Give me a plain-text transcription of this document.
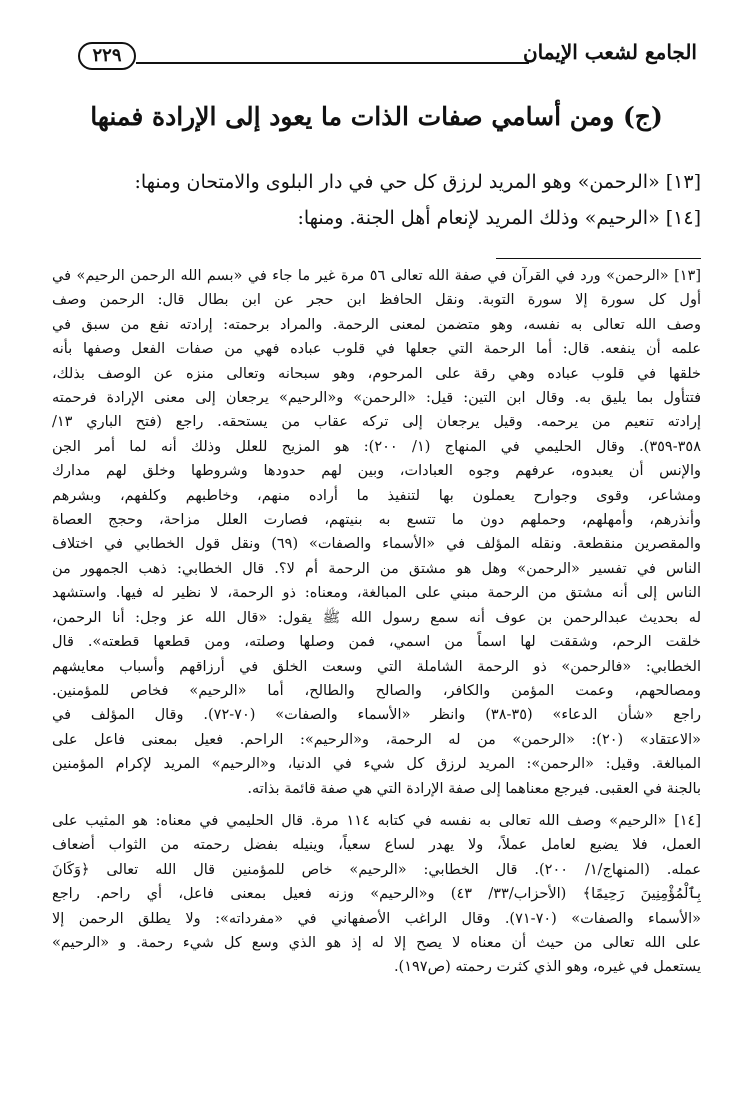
الجامع لشعب الإيمان
٢٢٩
(ج) ومن أسامي صفات الذات ما يعود إلى الإرادة فمنها
[١٣] «الرحمن» وهو المريد لرزق كل حي في دار البلوى والامتحان ومنها:
[١٤] «الرحيم» وذلك المريد لإنعام أهل الجنة. ومنها:
[١٣] «الرحمن» ورد في القرآن في صفة الله تعالى ٥٦ مرة غير ما جاء في «بسم الله الرحمن الرحيم» في
أول كل سورة إلا سورة التوبة. ونقل الحافظ ابن حجر عن ابن بطال قال: الرحمن وصف
وصف الله تعالى به نفسه، وهو متضمن لمعنى الرحمة. والمراد برحمته: إرادته نفع من سبق في
علمه أن ينفعه. قال: أما الرحمة التي جعلها في قلوب عباده فهي من صفات الفعل وصفها بأنه
خلقها في قلوب عباده وهي رقة على المرحوم، وهو سبحانه وتعالى منزه عن الوصف بذلك،
فتتأول بما يليق به. وقال ابن التين: قيل: «الرحمن» و«الرحيم» يرجعان إلى معنى الإرادة فرحمته
إرادته تنعيم من يرحمه. وقيل يرجعان إلى تركه عقاب من يستحقه. راجع (فتح الباري ١٣/
٣٥٨-٣٥٩). وقال الحليمي في المنهاج (١/ ٢٠٠): هو المزيح للعلل وذلك أنه لما أمر الجن
والإنس أن يعبدوه، عرفهم وجوه العبادات، وبين لهم حدودها وشروطها وخلق لهم مدارك
ومشاعر، وقوى وجوارح يعملون بها لتنفيذ ما أراده منهم، وخاطبهم وكلفهم، وبشرهم
وأنذرهم، وأمهلهم، وحملهم دون ما تتسع به بنيتهم، فصارت العلل مزاحة، وحجج العصاة
والمقصرين منقطعة. ونقله المؤلف في «الأسماء والصفات» (٦٩) ونقل قول الخطابي في اختلاف
الناس في تفسير «الرحمن» وهل هو مشتق من الرحمة أم لا؟. قال الخطابي: ذهب الجمهور من
الناس إلى أنه مشتق من الرحمة مبني على المبالغة، ومعناه: ذو الرحمة، لا نظير له فيها. واستشهد
له بحديث عبدالرحمن بن عوف أنه سمع رسول الله ﷺ يقول: «قال الله عز وجل: أنا الرحمن،
خلقت الرحم، وشققت لها اسماً من اسمي، فمن وصلها وصلته، ومن قطعها قطعته». قال
الخطابي: «فالرحمن» ذو الرحمة الشاملة التي وسعت الخلق في أرزاقهم وأسباب معايشهم
ومصالحهم، وعمت المؤمن والكافر، والصالح والطالح، أما «الرحيم» فخاص للمؤمنين.
راجع «شأن الدعاء» (٣٥-٣٨) وانظر «الأسماء والصفات» (٧٠-٧٢). وقال المؤلف في
«الاعتقاد» (٢٠): «الرحمن» من له الرحمة، و«الرحيم»: الراحم. فعيل بمعنى فاعل على
المبالغة. وقيل: «الرحمن»: المريد لرزق كل شيء في الدنيا، و«الرحيم» المريد لإكرام المؤمنين
بالجنة في العقبى. فيرجع معناهما إلى صفة الإرادة التي هي صفة قائمة بذاته.
[١٤] «الرحيم» وصف الله تعالى به نفسه في كتابه ١١٤ مرة. قال الحليمي في معناه: هو المثيب على
العمل، فلا يضيع لعامل عملاً، ولا يهدر لساع سعياً، وينيله بفضل رحمته من الثواب أضعاف
عمله. (المنهاج/١/ ٢٠٠). قال الخطابي: «الرحيم» خاص للمؤمنين قال الله تعالى ﴿وَكَانَ
بِٱلْمُؤْمِنِينَ رَحِيمًا﴾ (الأحزاب/٣٣/ ٤٣) و«الرحيم» وزنه فعيل بمعنى فاعل، أي راحم. راجع
«الأسماء والصفات» (٧٠-٧١). وقال الراغب الأصفهاني في «مفرداته»: ولا يطلق الرحمن إلا
على الله تعالى من حيث أن معناه لا يصح إلا له إذ هو الذي وسع كل شيء رحمة. و «الرحيم»
يستعمل في غيره، وهو الذي كثرت رحمته (ص١٩٧).
